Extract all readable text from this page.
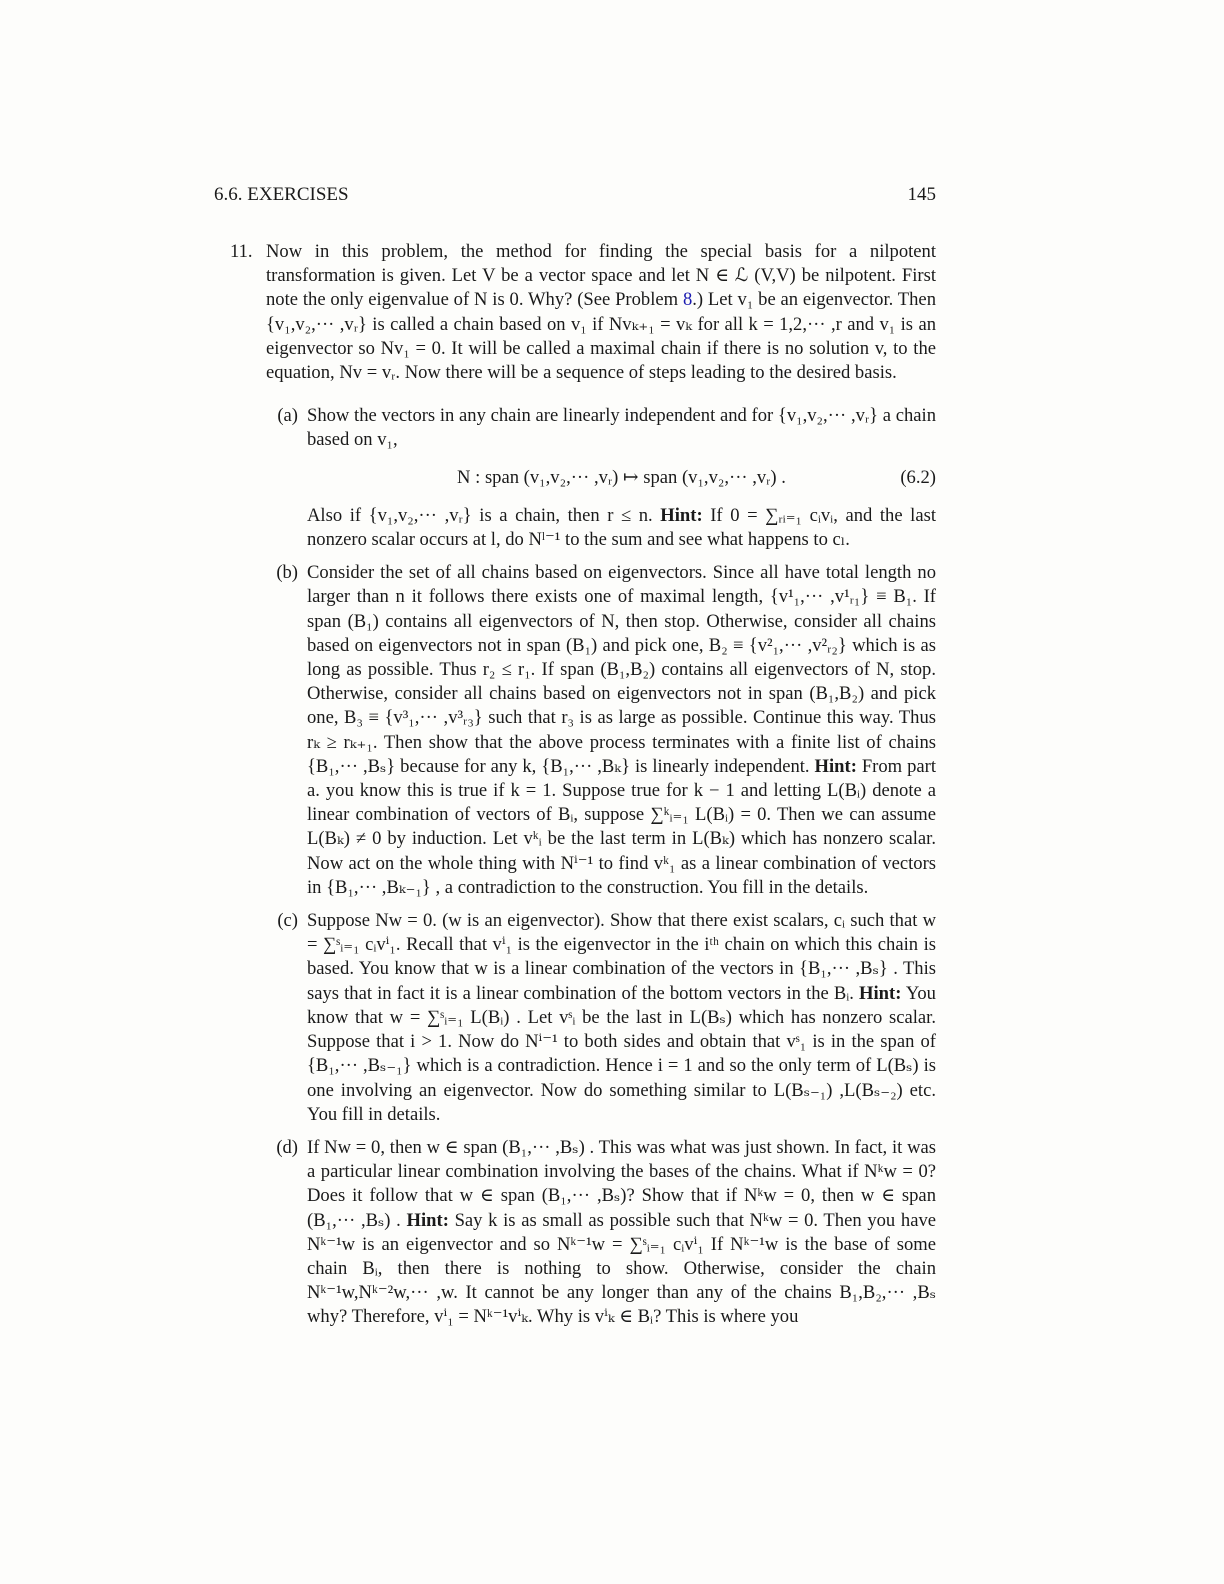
6.6. EXERCISES	145
11. Now in this problem, the method for finding the special basis for a nilpotent transformation is given. Let V be a vector space and let N ∈ ℒ (V,V) be nilpotent. First note the only eigenvalue of N is 0. Why? (See Problem 8.) Let v₁ be an eigenvector. Then {v₁,v₂,··· ,vᵣ} is called a chain based on v₁ if Nvₖ₊₁ = vₖ for all k = 1,2,··· ,r and v₁ is an eigenvector so Nv₁ = 0. It will be called a maximal chain if there is no solution v, to the equation, Nv = vᵣ. Now there will be a sequence of steps leading to the desired basis.
(a) Show the vectors in any chain are linearly independent and for {v₁,v₂,··· ,vᵣ} a chain based on v₁,

N : span (v₁,v₂,··· ,vᵣ) ↦ span (v₁,v₂,··· ,vᵣ) .	(6.2)

Also if {v₁,v₂,··· ,vᵣ} is a chain, then r ≤ n. Hint: If 0 = ∑ᵣᵢ₌₁ cᵢvᵢ, and the last nonzero scalar occurs at l, do Nˡ⁻¹ to the sum and see what happens to cₗ.

(b) Consider the set of all chains based on eigenvectors. Since all have total length no larger than n it follows there exists one of maximal length, {v¹₁,··· ,v¹ᵣ₁} ≡ B₁. If span (B₁) contains all eigenvectors of N, then stop. Otherwise, consider all chains based on eigenvectors not in span (B₁) and pick one, B₂ ≡ {v²₁,··· ,v²ᵣ₂} which is as long as possible. Thus r₂ ≤ r₁. If span (B₁,B₂) contains all eigenvectors of N, stop. Otherwise, consider all chains based on eigenvectors not in span (B₁,B₂) and pick one, B₃ ≡ {v³₁,··· ,v³ᵣ₃} such that r₃ is as large as possible. Continue this way. Thus rₖ ≥ rₖ₊₁. Then show that the above process terminates with a finite list of chains {B₁,··· ,Bₛ} because for any k, {B₁,··· ,Bₖ} is linearly independent. Hint: From part a. you know this is true if k = 1. Suppose true for k − 1 and letting L(Bᵢ) denote a linear combination of vectors of Bᵢ, suppose ∑ᵏᵢ₌₁ L(Bᵢ) = 0. Then we can assume L(Bₖ) ≠ 0 by induction. Let vᵏᵢ be the last term in L(Bₖ) which has nonzero scalar. Now act on the whole thing with Nⁱ⁻¹ to find vᵏ₁ as a linear combination of vectors in {B₁,··· ,Bₖ₋₁} , a contradiction to the construction. You fill in the details.
(c) Suppose Nw = 0. (w is an eigenvector). Show that there exist scalars, cᵢ such that w = ∑ˢᵢ₌₁ cᵢvⁱ₁. Recall that vⁱ₁ is the eigenvector in the iᵗʰ chain on which this chain is based. You know that w is a linear combination of the vectors in {B₁,··· ,Bₛ} . This says that in fact it is a linear combination of the bottom vectors in the Bᵢ. Hint: You know that w = ∑ˢᵢ₌₁ L(Bᵢ) . Let vˢᵢ be the last in L(Bₛ) which has nonzero scalar. Suppose that i > 1. Now do Nⁱ⁻¹ to both sides and obtain that vˢ₁ is in the span of {B₁,··· ,Bₛ₋₁} which is a contradiction. Hence i = 1 and so the only term of L(Bₛ) is one involving an eigenvector. Now do something similar to L(Bₛ₋₁) ,L(Bₛ₋₂) etc. You fill in details.
(d) If Nw = 0, then w ∈ span (B₁,··· ,Bₛ) . This was what was just shown. In fact, it was a particular linear combination involving the bases of the chains. What if Nᵏw = 0? Does it follow that w ∈ span (B₁,··· ,Bₛ)? Show that if Nᵏw = 0, then w ∈ span (B₁,··· ,Bₛ) . Hint: Say k is as small as possible such that Nᵏw = 0. Then you have Nᵏ⁻¹w is an eigenvector and so Nᵏ⁻¹w = ∑ˢᵢ₌₁ cᵢvⁱ₁ If Nᵏ⁻¹w is the base of some chain Bᵢ, then there is nothing to show. Otherwise, consider the chain Nᵏ⁻¹w,Nᵏ⁻²w,··· ,w. It cannot be any longer than any of the chains B₁,B₂,··· ,Bₛ why? Therefore, vⁱ₁ = Nᵏ⁻¹vⁱₖ. Why is vⁱₖ ∈ Bᵢ? This is where you
